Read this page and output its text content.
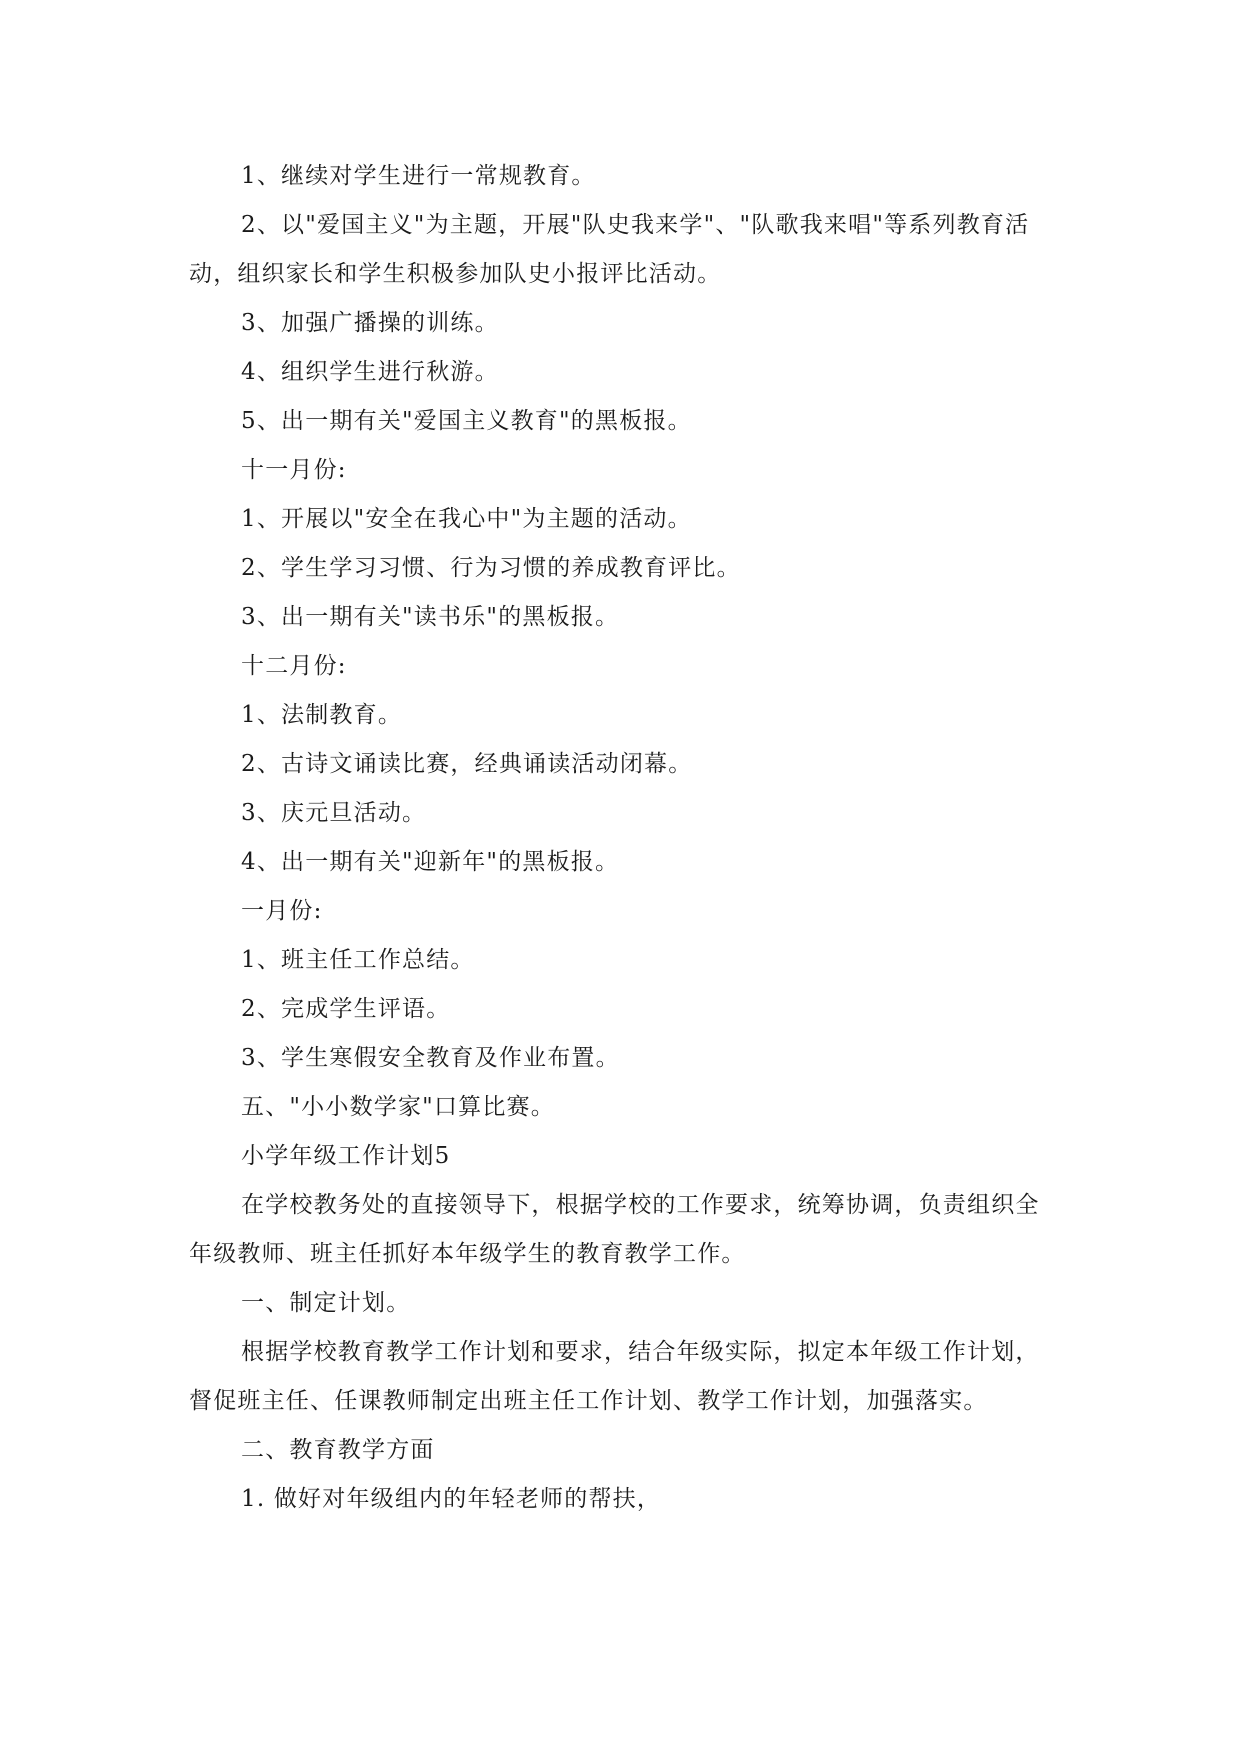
1、继续对学生进行一常规教育。

2、以"爱国主义"为主题，开展"队史我来学"、"队歌我来唱"等系列教育活动，组织家长和学生积极参加队史小报评比活动。

3、加强广播操的训练。

4、组织学生进行秋游。

5、出一期有关"爱国主义教育"的黑板报。

十一月份:

1、开展以"安全在我心中"为主题的活动。

2、学生学习习惯、行为习惯的养成教育评比。

3、出一期有关"读书乐"的黑板报。

十二月份:

1、法制教育。

2、古诗文诵读比赛，经典诵读活动闭幕。

3、庆元旦活动。

4、出一期有关"迎新年"的黑板报。

一月份:

1、班主任工作总结。

2、完成学生评语。

3、学生寒假安全教育及作业布置。

五、"小小数学家"口算比赛。

小学年级工作计划5

在学校教务处的直接领导下，根据学校的工作要求，统筹协调，负责组织全年级教师、班主任抓好本年级学生的教育教学工作。

一、制定计划。

根据学校教育教学工作计划和要求，结合年级实际，拟定本年级工作计划，督促班主任、任课教师制定出班主任工作计划、教学工作计划，加强落实。

二、教育教学方面

1. 做好对年级组内的年轻老师的帮扶，
